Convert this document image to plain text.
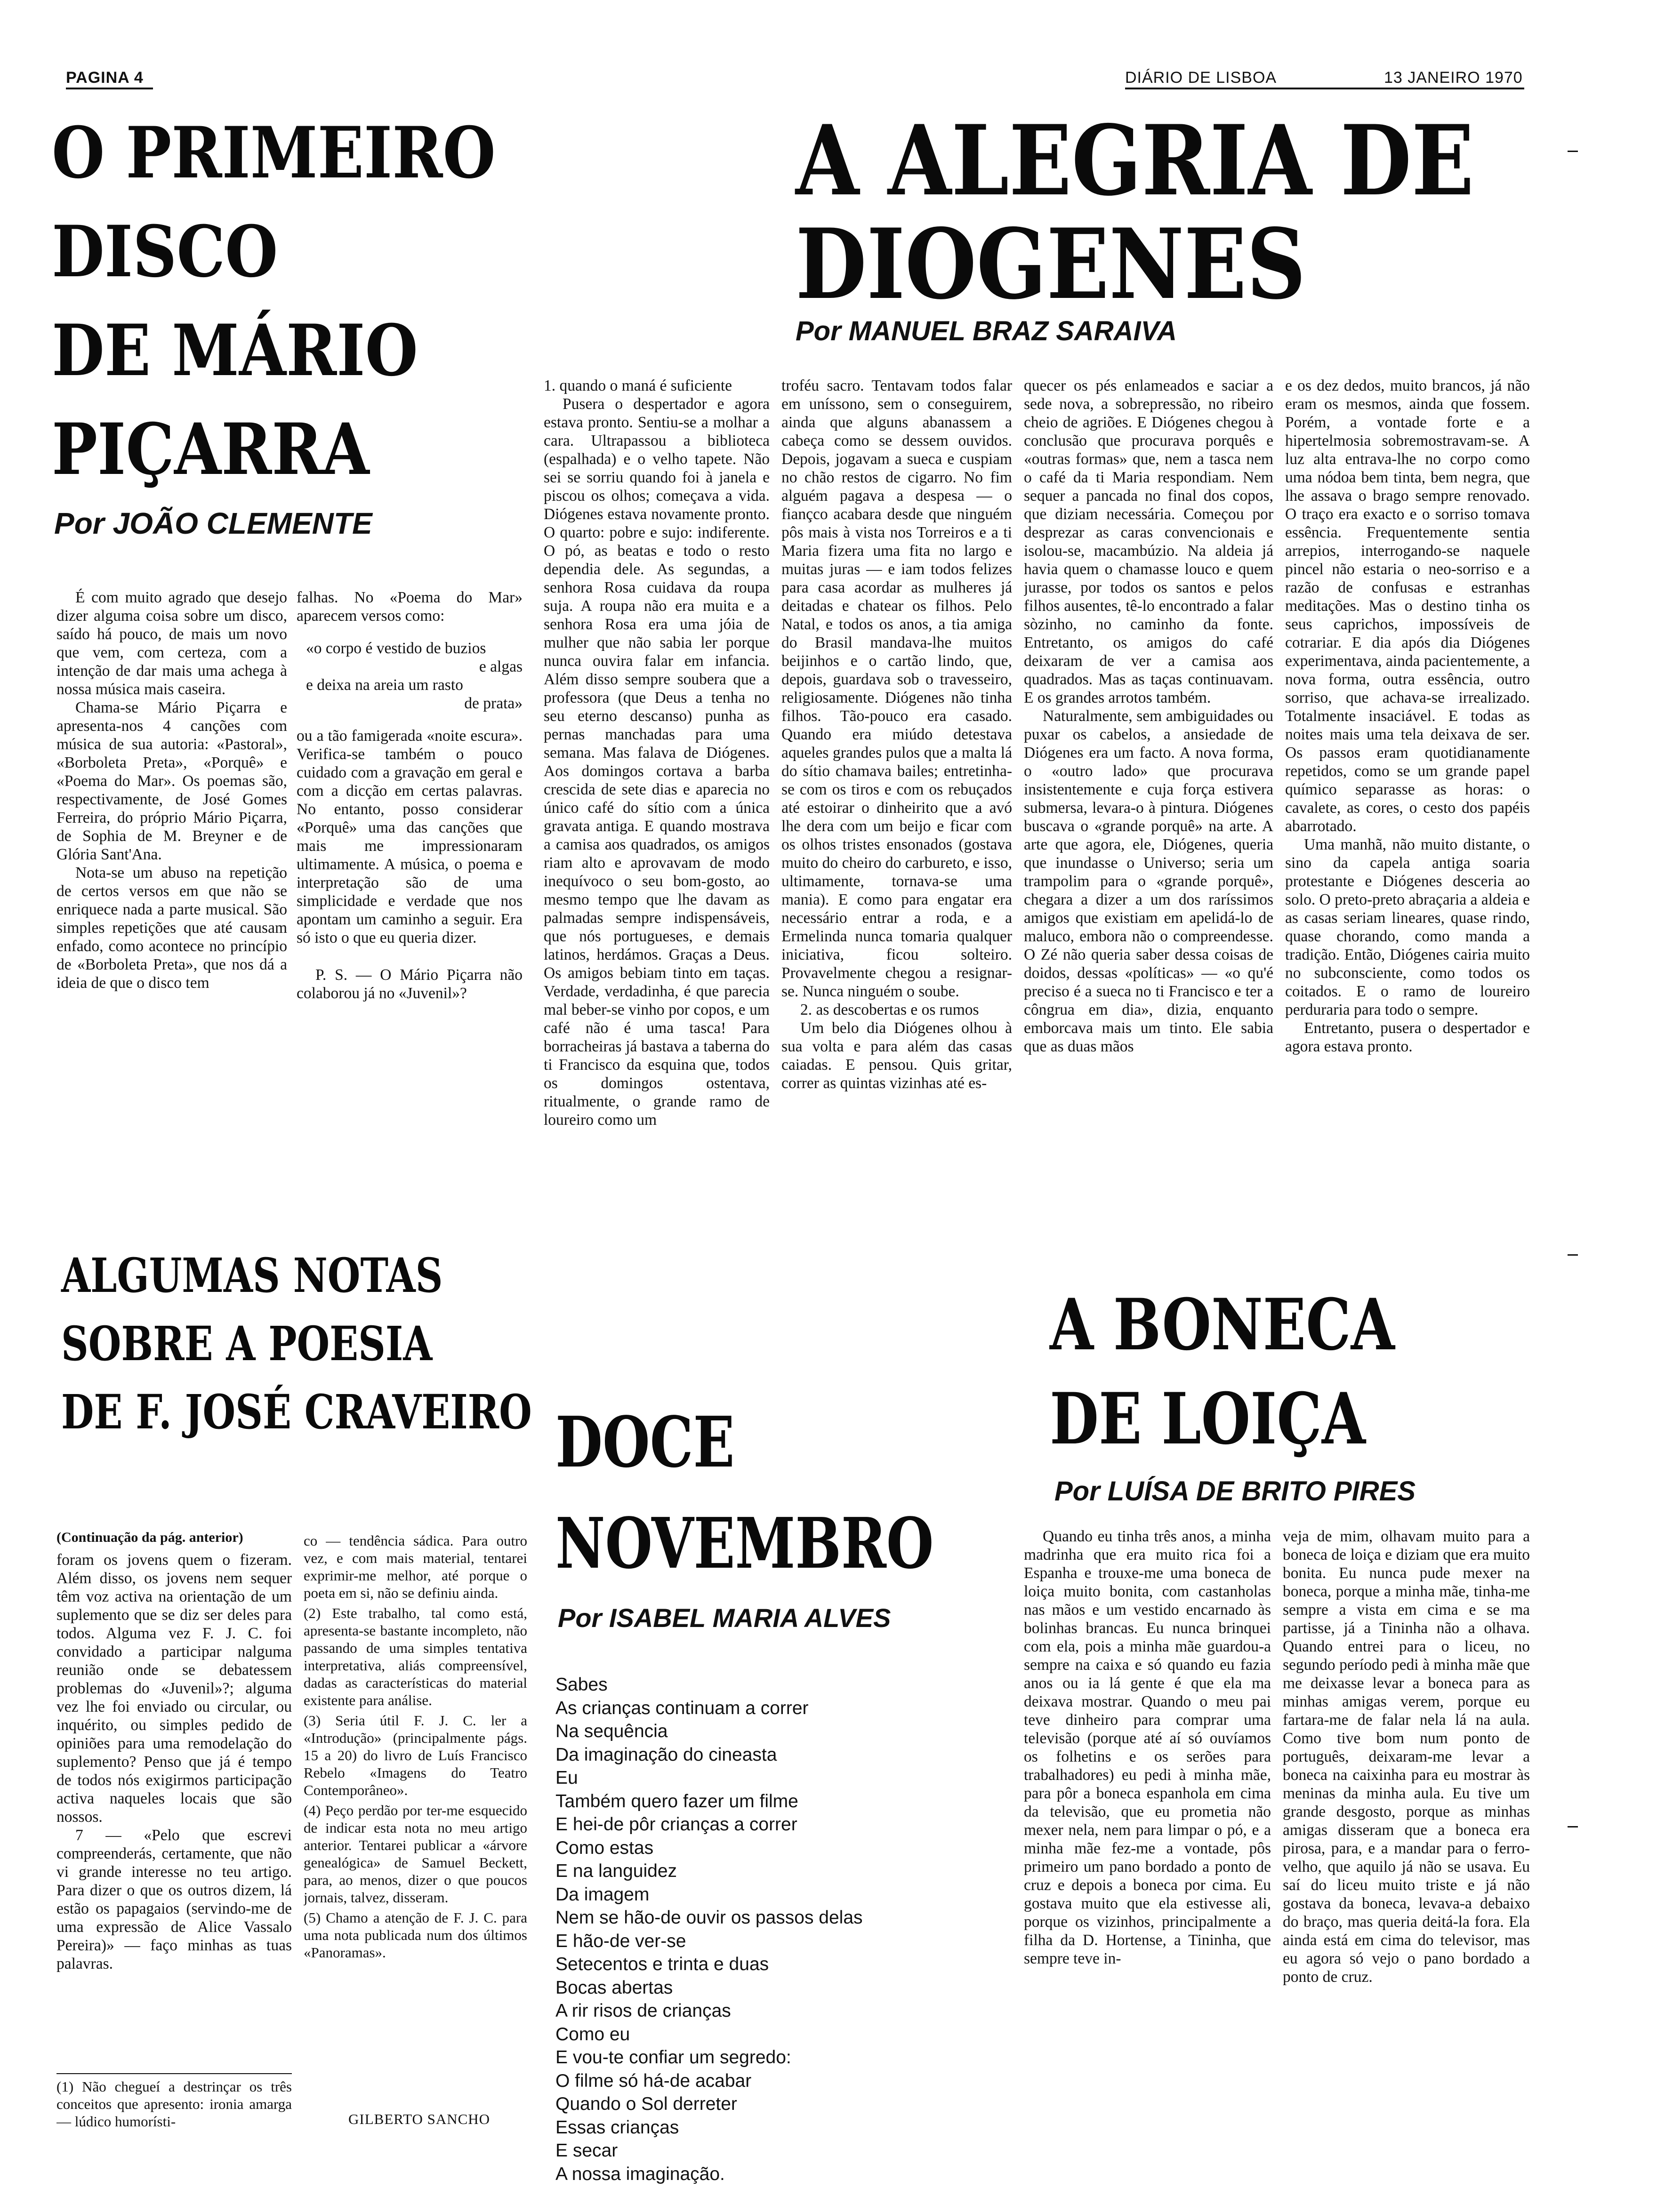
PAGINA 4	DIÁRIO DE LISBOA	13 JANEIRO 1970
O PRIMEIRO
DISCO
DE MÁRIO
PIÇARRA
Por JOÃO CLEMENTE

É com muito agrado que desejo dizer alguma coisa sobre um disco, saído há pouco, de mais um novo que vem, com certeza, com a intenção de dar mais uma achega à nossa música mais caseira.

Chama-se Mário Piçarra e apresenta-nos 4 canções com música de sua autoria: «Pastoral», «Borboleta Preta», «Porquê» e «Poema do Mar». Os poemas são, respectivamente, de José Gomes Ferreira, do próprio Mário Piçarra, de Sophia de M. Breyner e de Glória Sant'Ana.

Nota-se um abuso na repetição de certos versos em que não se enriquece nada a parte musical. São simples repetições que até causam enfado, como acontece no princípio de «Borboleta Preta», que nos dá a ideia de que o disco tem

falhas. No «Poema do Mar» aparecem versos como:

«o corpo é vestido de buzios
e algas
e deixa na areia um rasto
de prata»

ou a tão famigerada «noite escura». Verifica-se também o pouco cuidado com a gravação em geral e com a dicção em certas palavras. No entanto, posso considerar «Porquê» uma das canções que mais me impressionaram ultimamente. A música, o poema e interpretação são de uma simplicidade e verdade que nos apontam um caminho a seguir. Era só isto o que eu queria dizer.

P. S. — O Mário Piçarra não colaborou já no «Juvenil»?

A ALEGRIA DE
DIOGENES
Por MANUEL BRAZ SARAIVA

1. quando o maná é suficiente

Pusera o despertador e agora estava pronto. Sentiu-se a molhar a cara. Ultrapassou a biblioteca (espalhada) e o velho tapete. Não sei se sorriu quando foi à janela e piscou os olhos; começava a vida. Diógenes estava novamente pronto. O quarto: pobre e sujo: indiferente. O pó, as beatas e todo o resto dependia dele. As segundas, a senhora Rosa cuidava da roupa suja. A roupa não era muita e a senhora Rosa era uma jóia de mulher que não sabia ler porque nunca ouvira falar em infancia. Além disso sempre soubera que a professora (que Deus a tenha no seu eterno descanso) punha as pernas manchadas para uma semana. Mas falava de Diógenes. Aos domingos cortava a barba crescida de sete dias e aparecia no único café do sítio com a única gravata antiga. E quando mostrava a camisa aos quadrados, os amigos riam alto e aprovavam de modo inequívoco o seu bom-gosto, ao mesmo tempo que lhe davam as palmadas sempre indispensáveis, que nós portugueses, e demais latinos, herdámos. Graças a Deus. Os amigos bebiam tinto em taças. Verdade, verdadinha, é que parecia mal beber-se vinho por copos, e um café não é uma tasca! Para borracheiras já bastava a taberna do ti Francisco da esquina que, todos os domingos ostentava, ritualmente, o grande ramo de loureiro como um

troféu sacro. Tentavam todos falar em uníssono, sem o conseguirem, ainda que alguns abanassem a cabeça como se dessem ouvidos. Depois, jogavam a sueca e cuspiam no chão restos de cigarro. No fim alguém pagava a despesa — o fiançco acabara desde que ninguém pôs mais à vista nos Torreiros e a ti Maria fizera uma fita no largo e muitas juras — e iam todos felizes para casa acordar as mulheres já deitadas e chatear os filhos. Pelo Natal, e todos os anos, a tia amiga do Brasil mandava-lhe muitos beijinhos e o cartão lindo, que, depois, guardava sob o travesseiro, religiosamente. Diógenes não tinha filhos. Tão-pouco era casado. Quando era miúdo detestava aqueles grandes pulos que a malta lá do sítio chamava bailes; entretinha-se com os tiros e com os rebuçados até estoirar o dinheirito que a avó lhe dera com um beijo e ficar com os olhos tristes ensonados (gostava muito do cheiro do carbureto, e isso, ultimamente, tornava-se uma mania). E como para engatar era necessário entrar a roda, e a Ermelinda nunca tomaria qualquer iniciativa, ficou solteiro. Provavelmente chegou a resignar-se. Nunca ninguém o soube.

2. as descobertas e os rumos

Um belo dia Diógenes olhou à sua volta e para além das casas caiadas. E pensou. Quis gritar, correr as quintas vizinhas até es-

quecer os pés enlameados e saciar a sede nova, a sobrepressão, no ribeiro cheio de agriões. E Diógenes chegou à conclusão que procurava porquês e «outras formas» que, nem a tasca nem o café da ti Maria respondiam. Nem sequer a pancada no final dos copos, que diziam necessária. Começou por desprezar as caras convencionais e isolou-se, macambúzio. Na aldeia já havia quem o chamasse louco e quem jurasse, por todos os santos e pelos filhos ausentes, tê-lo encontrado a falar sòzinho, no caminho da fonte. Entretanto, os amigos do café deixaram de ver a camisa aos quadrados. Mas as taças continuavam. E os grandes arrotos também.

Naturalmente, sem ambiguidades ou puxar os cabelos, a ansiedade de Diógenes era um facto. A nova forma, o «outro lado» que procurava insistentemente e cuja força estivera submersa, levara-o à pintura. Diógenes buscava o «grande porquê» na arte. A arte que agora, ele, Diógenes, queria que inundasse o Universo; seria um trampolim para o «grande porquê», chegara a dizer a um dos raríssimos amigos que existiam em apelidá-lo de maluco, embora não o compreendesse. O Zé não queria saber dessa coisas de doidos, dessas «políticas» — «o qu'é preciso é a sueca no ti Francisco e ter a côngrua em dia», dizia, enquanto emborcava mais um tinto. Ele sabia que as duas mãos

e os dez dedos, muito brancos, já não eram os mesmos, ainda que fossem. Porém, a vontade forte e a hipertelmosia sobremostravam-se. A luz alta entrava-lhe no corpo como uma nódoa bem tinta, bem negra, que lhe assava o brago sempre renovado. O traço era exacto e o sorriso tomava essência. Frequentemente sentia arrepios, interrogando-se naquele pincel não estaria o neo-sorriso e a razão de confusas e estranhas meditações. Mas o destino tinha os seus caprichos, impossíveis de cotrariar. E dia após dia Diógenes experimentava, ainda pacientemente, a nova forma, outra essência, outro sorriso, que achava-se irrealizado. Totalmente insaciável. E todas as noites mais uma tela deixava de ser. Os passos eram quotidianamente repetidos, como se um grande papel químico separasse as horas: o cavalete, as cores, o cesto dos papéis abarrotado.

Uma manhã, não muito distante, o sino da capela antiga soaria protestante e Diógenes desceria ao solo. O preto-preto abraçaria a aldeia e as casas seriam lineares, quase rindo, quase chorando, como manda a tradição. Então, Diógenes cairia muito no subconsciente, como todos os coitados. E o ramo de loureiro perduraria para todo o sempre.

Entretanto, pusera o despertador e agora estava pronto.

ALGUMAS NOTAS
SOBRE A POESIA
DE F. JOSÉ CRAVEIRO
(Continuação da pág. anterior)

foram os jovens quem o fizeram. Além disso, os jovens nem sequer têm voz activa na orientação de um suplemento que se diz ser deles para todos. Alguma vez F. J. C. foi convidado a participar nalguma reunião onde se debatessem problemas do «Juvenil»?; alguma vez lhe foi enviado ou circular, ou inquérito, ou simples pedido de opiniões para uma remodelação do suplemento? Penso que já é tempo de todos nós exigirmos participação activa naqueles locais que são nossos.

7 — «Pelo que escrevi compreenderás, certamente, que não vi grande interesse no teu artigo. Para dizer o que os outros dizem, lá estão os papagaios (servindo-me de uma expressão de Alice Vassalo Pereira)» — faço minhas as tuas palavras.

(1) Não chegueí a destrinçar os três conceitos que apresento: ironia amarga — lúdico humorísti-

co — tendência sádica. Para outro vez, e com mais material, tentarei exprimir-me melhor, até porque o poeta em si, não se definiu ainda.

(2) Este trabalho, tal como está, apresenta-se bastante incompleto, não passando de uma simples tentativa interpretativa, aliás compreensível, dadas as características do material existente para análise.

(3) Seria útil F. J. C. ler a «Introdução» (principalmente págs. 15 a 20) do livro de Luís Francisco Rebelo «Imagens do Teatro Contemporâneo».

(4) Peço perdão por ter-me esquecido de indicar esta nota no meu artigo anterior. Tentarei publicar a «árvore genealógica» de Samuel Beckett, para, ao menos, dizer o que poucos jornais, talvez, disseram.

(5) Chamo a atenção de F. J. C. para uma nota publicada num dos últimos «Panoramas».

GILBERTO SANCHO
DOCE
NOVEMBRO
Por ISABEL MARIA ALVES
Sabes
As crianças continuam a correr
Na sequência
Da imaginação do cineasta
Eu
Também quero fazer um filme
E hei-de pôr crianças a correr
Como estas
E na languidez
Da imagem
Nem se hão-de ouvir os passos delas
E hão-de ver-se
Setecentos e trinta e duas
Bocas abertas
A rir risos de crianças
Como eu
E vou-te confiar um segredo:
O filme só há-de acabar
Quando o Sol derreter
Essas crianças
E secar
A nossa imaginação.
A BONECA
DE LOIÇA
Por LUÍSA DE BRITO PIRES

Quando eu tinha três anos, a minha madrinha que era muito rica foi a Espanha e trouxe-me uma boneca de loiça muito bonita, com castanholas nas mãos e um vestido encarnado às bolinhas brancas. Eu nunca brinquei com ela, pois a minha mãe guardou-a sempre na caixa e só quando eu fazia anos ou ia lá gente é que ela ma deixava mostrar. Quando o meu pai teve dinheiro para comprar uma televisão (porque até aí só ouvíamos os folhetins e os serões para trabalhadores) eu pedi à minha mãe, para pôr a boneca espanhola em cima da televisão, que eu prometia não mexer nela, nem para limpar o pó, e a minha mãe fez-me a vontade, pôs primeiro um pano bordado a ponto de cruz e depois a boneca por cima. Eu gostava muito que ela estivesse ali, porque os vizinhos, principalmente a filha da D. Hortense, a Tininha, que sempre teve in-

veja de mim, olhavam muito para a boneca de loiça e diziam que era muito bonita. Eu nunca pude mexer na boneca, porque a minha mãe, tinha-me sempre a vista em cima e se ma partisse, já a Tininha não a olhava. Quando entrei para o liceu, no segundo período pedi à minha mãe que me deixasse levar a boneca para as minhas amigas verem, porque eu fartara-me de falar nela lá na aula. Como tive bom num ponto de português, deixaram-me levar a boneca na caixinha para eu mostrar às meninas da minha aula. Eu tive um grande desgosto, porque as minhas amigas disseram que a boneca era pirosa, para, e a mandar para o ferro-velho, que aquilo já não se usava. Eu saí do liceu muito triste e já não gostava da boneca, levava-a debaixo do braço, mas queria deitá-la fora. Ela ainda está em cima do televisor, mas eu agora só vejo o pano bordado a ponto de cruz.
